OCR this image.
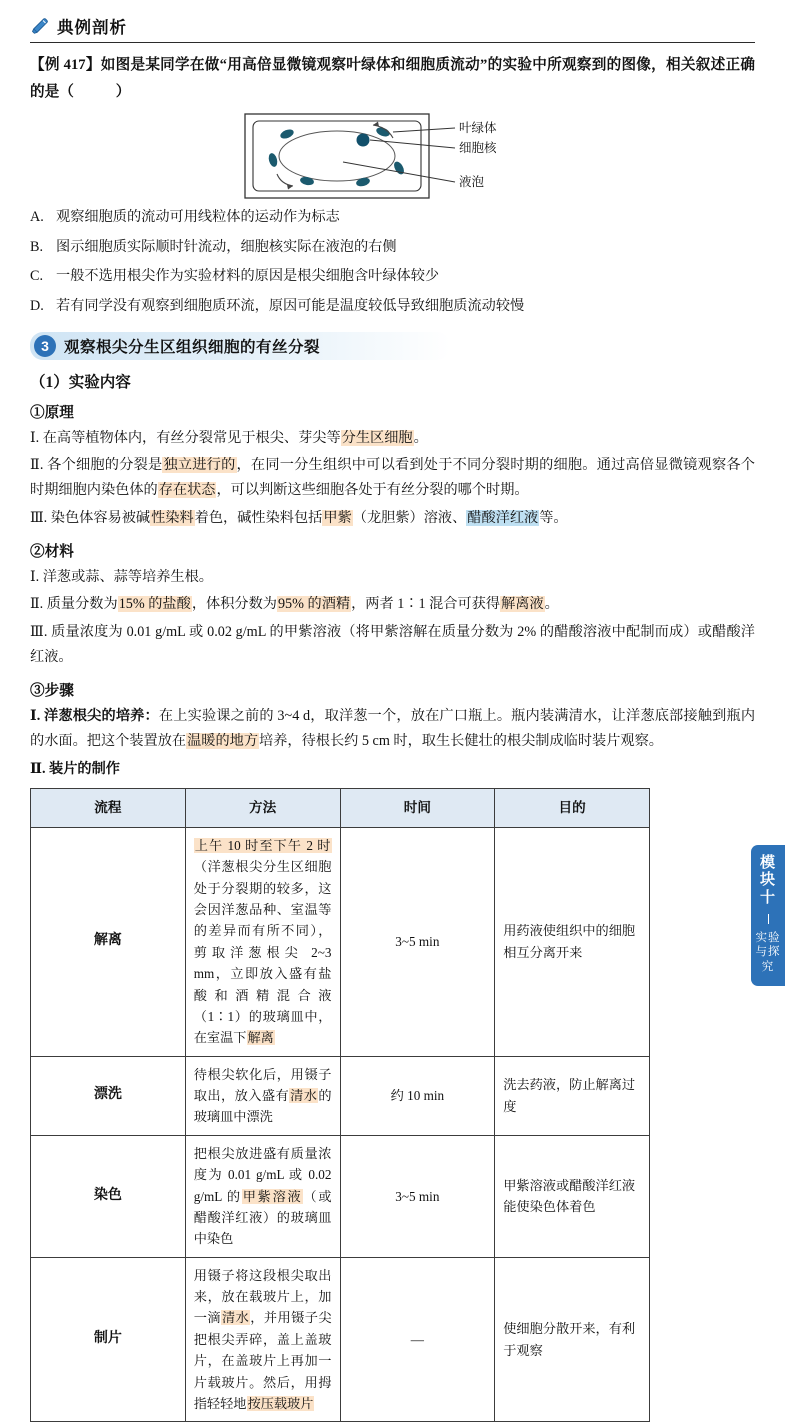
典例剖析
【例 417】如图是某同学在做“用高倍显微镜观察叶绿体和细胞质流动”的实验中所观察到的图像，相关叙述正确的是（	）
叶绿体
细胞核
液泡
A. 观察细胞质的流动可用线粒体的运动作为标志
B. 图示细胞质实际顺时针流动，细胞核实际在液泡的右侧
C. 一般不选用根尖作为实验材料的原因是根尖细胞含叶绿体较少
D. 若有同学没有观察到细胞质环流，原因可能是温度较低导致细胞质流动较慢
3 观察根尖分生区组织细胞的有丝分裂
（1）实验内容
①原理

Ⅰ. 在高等植物体内，有丝分裂常见于根尖、芽尖等分生区细胞。

Ⅱ. 各个细胞的分裂是独立进行的，在同一分生组织中可以看到处于不同分裂时期的细胞。通过高倍显微镜观察各个时期细胞内染色体的存在状态，可以判断这些细胞各处于有丝分裂的哪个时期。

Ⅲ. 染色体容易被碱性染料着色，碱性染料包括甲紫（龙胆紫）溶液、醋酸洋红液等。

②材料

Ⅰ. 洋葱或蒜、蒜等培养生根。

Ⅱ. 质量分数为15% 的盐酸，体积分数为95% 的酒精，两者 1∶1 混合可获得解离液。

Ⅲ. 质量浓度为 0.01 g/mL 或 0.02 g/mL 的甲紫溶液（将甲紫溶解在质量分数为 2% 的醋酸溶液中配制而成）或醋酸洋红液。

③步骤

Ⅰ. 洋葱根尖的培养：在上实验课之前的 3~4 d，取洋葱一个，放在广口瓶上。瓶内装满清水，让洋葱底部接触到瓶内的水面。把这个装置放在温暖的地方培养，待根长约 5 cm 时，取生长健壮的根尖制成临时装片观察。

Ⅱ. 装片的制作

流程	方法	时间	目的
解离	上午 10 时至下午 2 时（洋葱根尖分生区细胞处于分裂期的较多，这会因洋葱品种、室温等的差异而有所不同），剪取洋葱根尖 2~3 mm，立即放入盛有盐酸和酒精混合液（1∶1）的玻璃皿中，在室温下解离	3~5 min	用药液使组织中的细胞相互分离开来
漂洗	待根尖软化后，用镊子取出，放入盛有清水的玻璃皿中漂洗	约 10 min	洗去药液，防止解离过度
染色	把根尖放进盛有质量浓度为 0.01 g/mL 或 0.02 g/mL 的甲紫溶液（或醋酸洋红液）的玻璃皿中染色	3~5 min	甲紫溶液或醋酸洋红液能使染色体着色
制片	用镊子将这段根尖取出来，放在载玻片上，加一滴清水，并用镊子尖把根尖弄碎，盖上盖玻片，在盖玻片上再加一片载玻片。然后，用拇指轻轻地按压载玻片	—	使细胞分散开来，有利于观察
模块十
实验与探究
